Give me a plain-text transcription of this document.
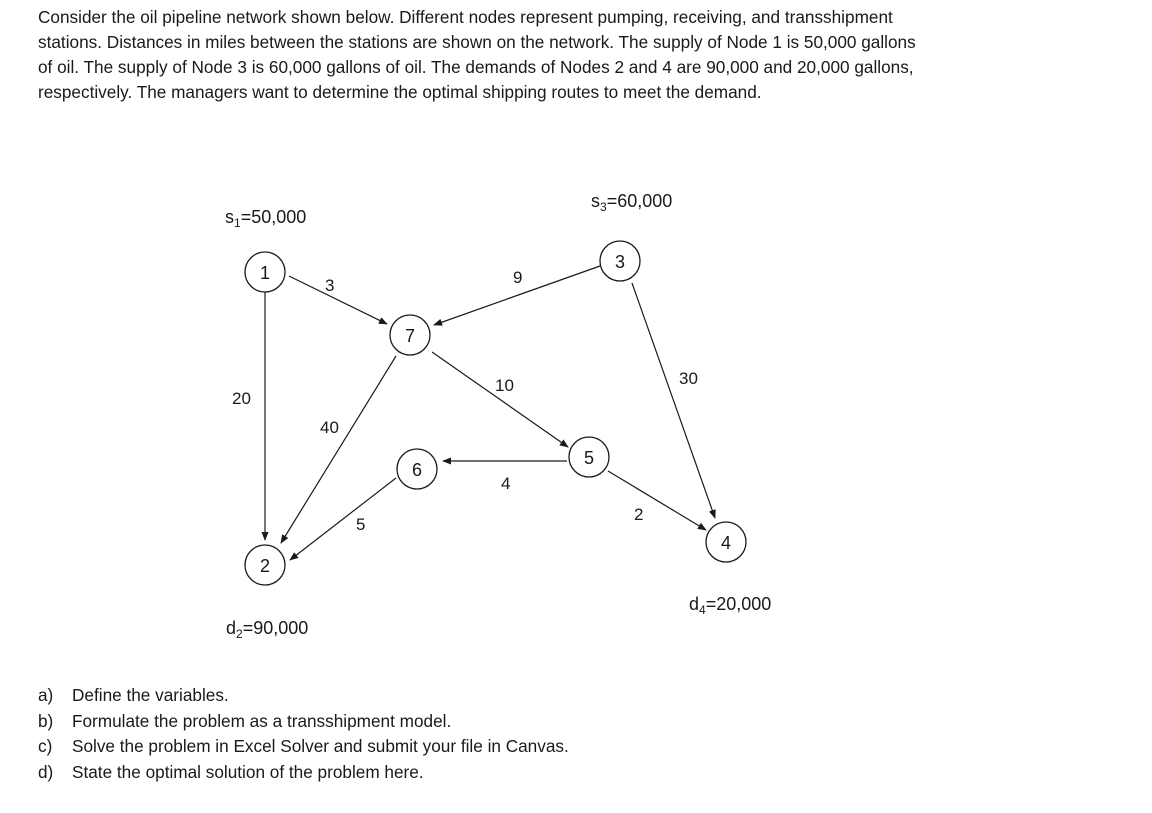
Consider the oil pipeline network shown below. Different nodes represent pumping, receiving, and transshipment stations. Distances in miles between the stations are shown on the network. The supply of Node 1 is 50,000 gallons of oil. The supply of Node 3 is 60,000 gallons of oil. The demands of Nodes 2 and 4 are 90,000 and 20,000 gallons, respectively. The managers want to determine the optimal shipping routes to meet the demand.

3
20
9
30
10
40
4
5
2
1
2
3
4
5
6
7
$s_1=50,000$
$s_3=60,000$
$d_2=90,000$
$d_4=20,000$
a)	Define the variables.
b)	Formulate the problem as a transshipment model.
c)	Solve the problem in Excel Solver and submit your file in Canvas.
d)	State the optimal solution of the problem here.
